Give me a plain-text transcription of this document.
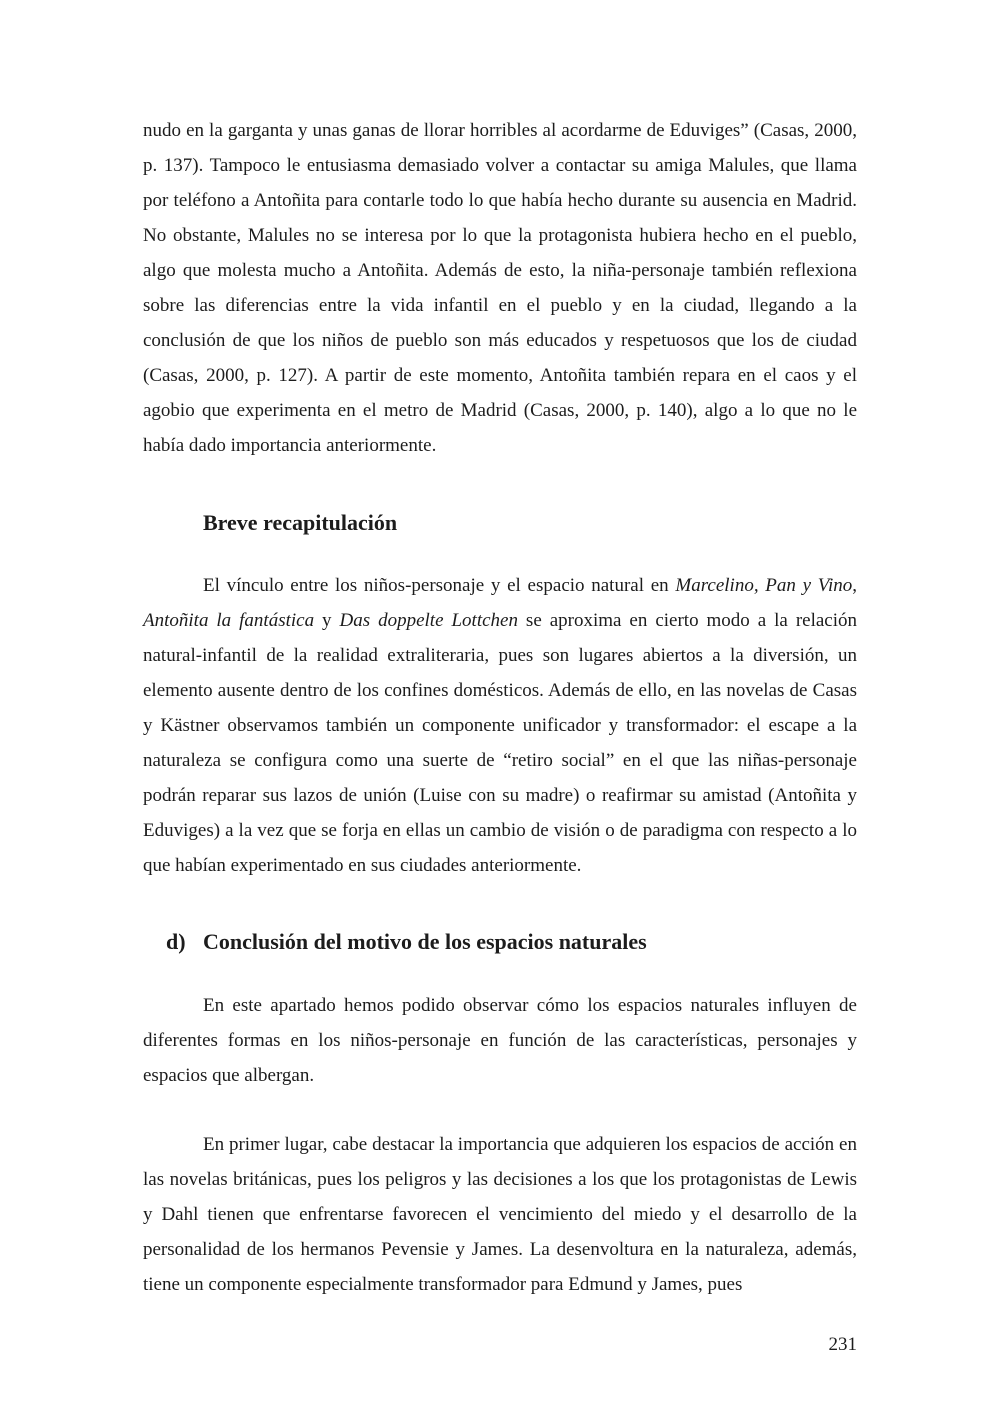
nudo en la garganta y unas ganas de llorar horribles al acordarme de Eduviges” (Casas, 2000, p. 137). Tampoco le entusiasma demasiado volver a contactar su amiga Malules, que llama por teléfono a Antoñita para contarle todo lo que había hecho durante su ausencia en Madrid. No obstante, Malules no se interesa por lo que la protagonista hubiera hecho en el pueblo, algo que molesta mucho a Antoñita. Además de esto, la niña-personaje también reflexiona sobre las diferencias entre la vida infantil en el pueblo y en la ciudad, llegando a la conclusión de que los niños de pueblo son más educados y respetuosos que los de ciudad (Casas, 2000, p. 127). A partir de este momento, Antoñita también repara en el caos y el agobio que experimenta en el metro de Madrid (Casas, 2000, p. 140), algo a lo que no le había dado importancia anteriormente.

Breve recapitulación

El vínculo entre los niños-personaje y el espacio natural en Marcelino, Pan y Vino, Antoñita la fantástica y Das doppelte Lottchen se aproxima en cierto modo a la relación natural-infantil de la realidad extraliteraria, pues son lugares abiertos a la diversión, un elemento ausente dentro de los confines domésticos. Además de ello, en las novelas de Casas y Kästner observamos también un componente unificador y transformador: el escape a la naturaleza se configura como una suerte de “retiro social” en el que las niñas-personaje podrán reparar sus lazos de unión (Luise con su madre) o reafirmar su amistad (Antoñita y Eduviges) a la vez que se forja en ellas un cambio de visión o de paradigma con respecto a lo que habían experimentado en sus ciudades anteriormente.

d) Conclusión del motivo de los espacios naturales

En este apartado hemos podido observar cómo los espacios naturales influyen de diferentes formas en los niños-personaje en función de las características, personajes y espacios que albergan.

En primer lugar, cabe destacar la importancia que adquieren los espacios de acción en las novelas británicas, pues los peligros y las decisiones a los que los protagonistas de Lewis y Dahl tienen que enfrentarse favorecen el vencimiento del miedo y el desarrollo de la personalidad de los hermanos Pevensie y James. La desenvoltura en la naturaleza, además, tiene un componente especialmente transformador para Edmund y James, pues

231
